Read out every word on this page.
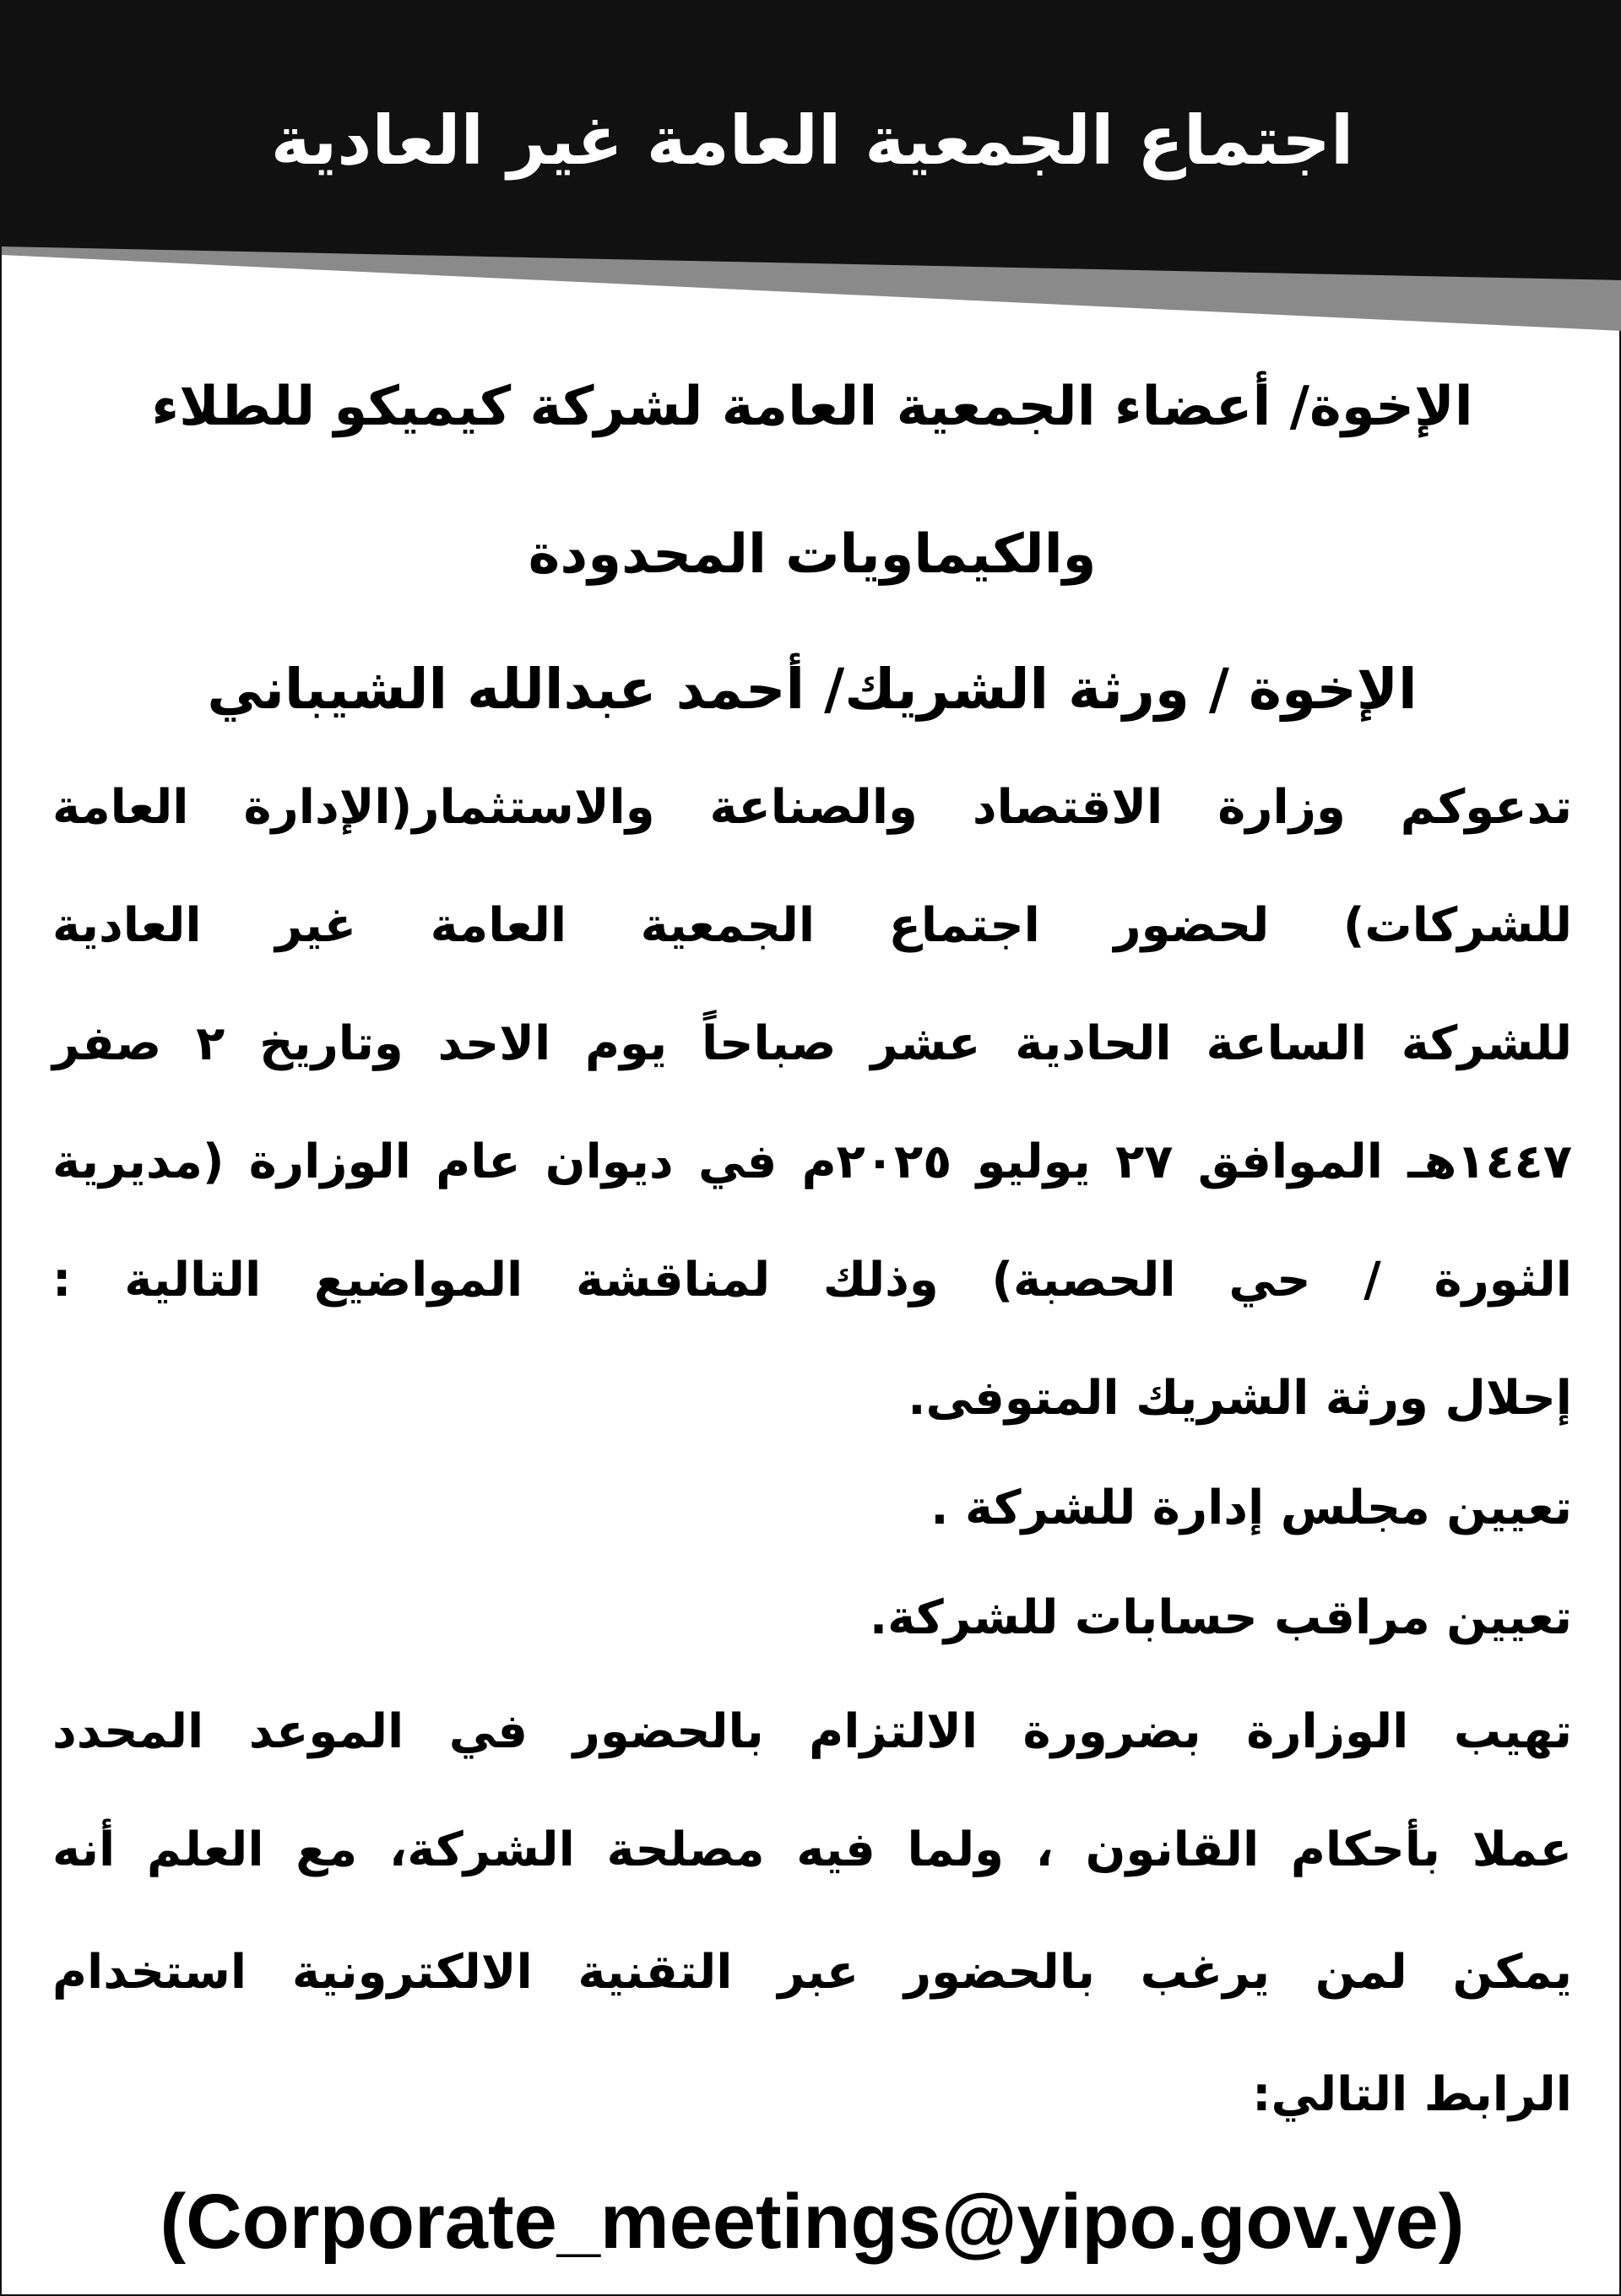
اجتماع الجمعية العامة غير العادية
الإخوة/ أعضاء الجمعية العامة لشركة كيميكو للطلاء
والكيماويات المحدودة
الإخوة / ورثة الشريك/ أحمد عبدالله الشيباني
تدعوكم وزارة الاقتصاد والصناعة والاستثمار(الإدارة العامة
للشركات) لحضور اجتماع الجمعية العامة غير العادية
للشركة الساعة الحادية عشر صباحاً يوم الاحد وتاريخ ٢ صفر
١٤٤٧هـ الموافق ٢٧ يوليو ٢٠٢٥م في ديوان عام الوزارة (مديرية
الثورة / حي الحصبة) وذلك لمناقشة المواضيع التالية :
إحلال ورثة الشريك المتوفى.
تعيين مجلس إدارة للشركة .
تعيين مراقب حسابات للشركة.
تهيب الوزارة بضرورة الالتزام بالحضور في الموعد المحدد
عملا بأحكام القانون ، ولما فيه مصلحة الشركة، مع العلم أنه
يمكن لمن يرغب بالحضور عبر التقنية الالكترونية استخدام
الرابط التالي:
(Corporate_meetings@yipo.gov.ye)
